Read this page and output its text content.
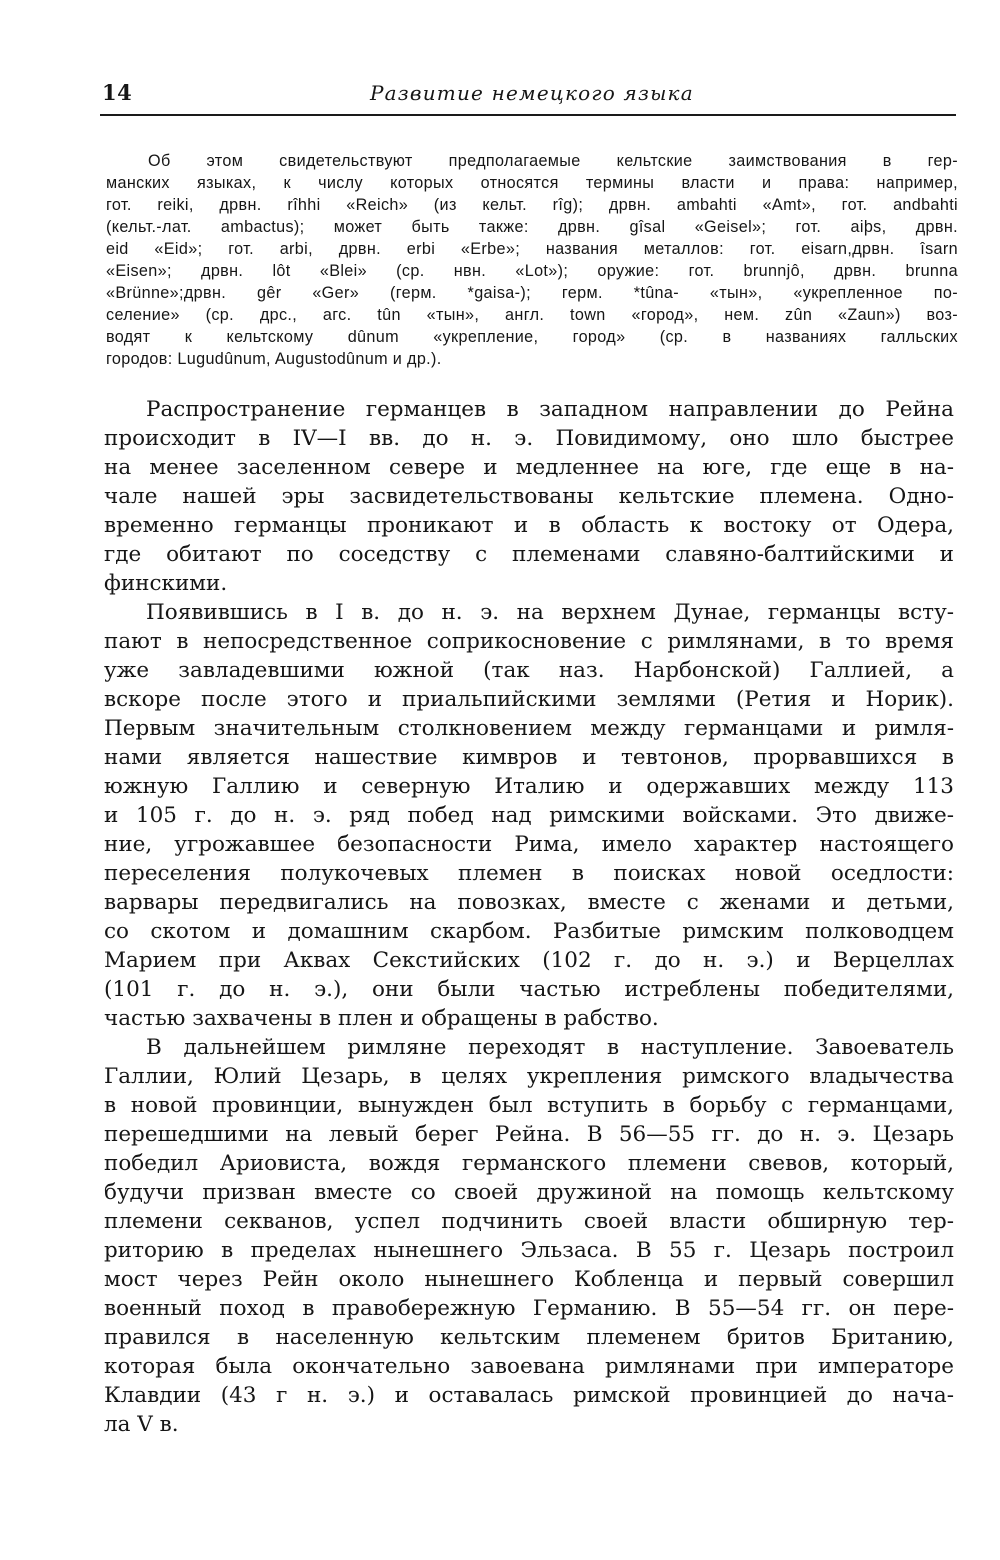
14	Развитие немецкого языка
Об этом свидетельствуют предполагаемые кельтские заимствования в гер-
манских языках, к числу которых относятся термины власти и права: например,
гот. reiki, дрвн. rîhhi «Reich» (из кельт. rîg); дрвн. ambahti «Amt», гот. andbahti
(кельт.-лат. ambactus); может быть также: дрвн. gîsal «Geisel»; гот. aiþs, дрвн.
eid «Eid»; гот. arbi, дрвн. erbi «Erbe»; названия металлов: гот. eisarn,дрвн. îsarn
«Eisen»; дрвн. lôt «Blei» (ср. нвн. «Lot»); оружие: гот. brunnjô, дрвн. brunna
«Brünne»;дрвн. gêr «Ger» (герм. *gaisa-); герм. *tûna- «тын», «укрепленное по-
селение» (ср. дрс., агс. tûn «тын», англ. town «город», нем. zûn «Zaun») воз-
водят к кельтскому dûnum «укрепление, город» (ср. в названиях галльских
городов: Lugudûnum, Augustodûnum и др.).
Распространение германцев в западном направлении до Рейна
происходит в IV—I вв. до н. э. Повидимому, оно шло быстрее
на менее заселенном севере и медленнее на юге, где еще в на-
чале нашей эры засвидетельствованы кельтские племена. Одно-
временно германцы проникают и в область к востоку от Одера,
где обитают по соседству с племенами славяно-балтийскими и
финскими.
Появившись в I в. до н. э. на верхнем Дунае, германцы всту-
пают в непосредственное соприкосновение с римлянами, в то время
уже завладевшими южной (так наз. Нарбонской) Галлией, а
вскоре после этого и приальпийскими землями (Ретия и Норик).
Первым значительным столкновением между германцами и римля-
нами является нашествие кимвров и тевтонов, прорвавшихся в
южную Галлию и северную Италию и одержавших между 113
и 105 г. до н. э. ряд побед над римскими войсками. Это движе-
ние, угрожавшее безопасности Рима, имело характер настоящего
переселения полукочевых племен в поисках новой оседлости:
варвары передвигались на повозках, вместе с женами и детьми,
со скотом и домашним скарбом. Разбитые римским полководцем
Марием при Аквах Секстийских (102 г. до н. э.) и Верцеллах
(101 г. до н. э.), они были частью истреблены победителями,
частью захвачены в плен и обращены в рабство.
В дальнейшем римляне переходят в наступление. Завоеватель
Галлии, Юлий Цезарь, в целях укрепления римского владычества
в новой провинции, вынужден был вступить в борьбу с германцами,
перешедшими на левый берег Рейна. В 56—55 гг. до н. э. Цезарь
победил Ариовиста, вождя германского племени свевов, который,
будучи призван вместе со своей дружиной на помощь кельтскому
племени секванов, успел подчинить своей власти обширную тер-
риторию в пределах нынешнего Эльзаса. В 55 г. Цезарь построил
мост через Рейн около нынешнего Кобленца и первый совершил
военный поход в правобережную Германию. В 55—54 гг. он пере-
правился в населенную кельтским племенем бритов Британию,
которая была окончательно завоевана римлянами при императоре
Клавдии (43 г н. э.) и оставалась римской провинцией до нача-
ла V в.
